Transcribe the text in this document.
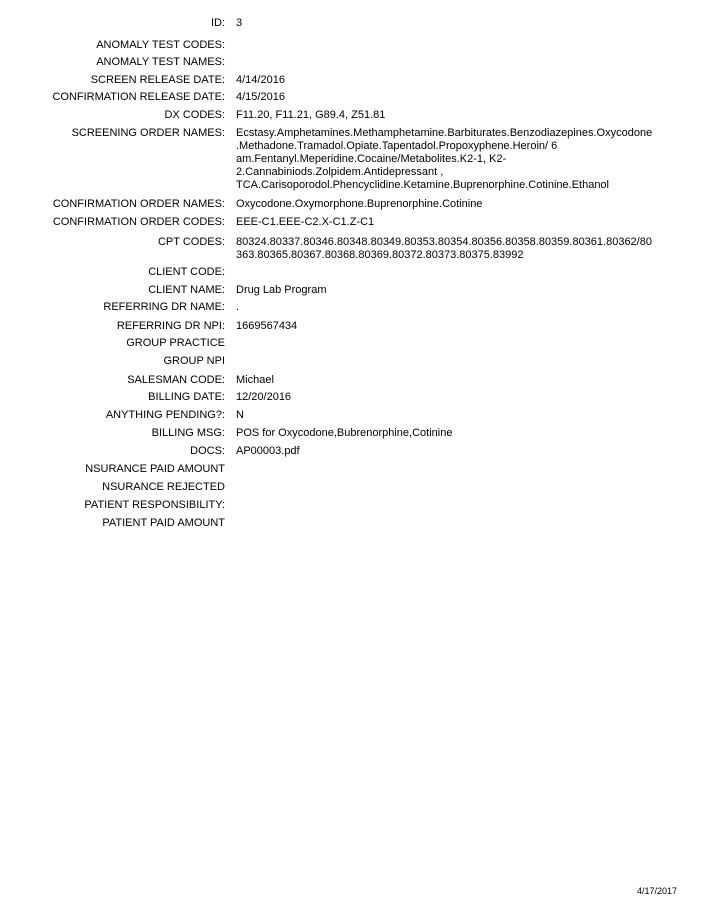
ID: 3
ANOMALY TEST CODES:
ANOMALY TEST NAMES:
SCREEN RELEASE DATE: 4/14/2016
CONFIRMATION RELEASE DATE: 4/15/2016
DX CODES: F11.20, F11.21, G89.4, Z51.81
SCREENING ORDER NAMES: Ecstasy.Amphetamines.Methamphetamine.Barbiturates.Benzodiazepines.Oxycodone
.Methadone.Tramadol.Opiate.Tapentadol.Propoxyphene.Heroin/ 6
am.Fentanyl.Meperidine.Cocaine/Metabolites.K2-1, K2-
2.Cannabiniods.Zolpidem.Antidepressant ,
TCA.Carisoporodol.Phencyclidine.Ketamine.Buprenorphine.Cotinine.Ethanol
CONFIRMATION ORDER NAMES: Oxycodone.Oxymorphone.Buprenorphine.Cotinine
CONFIRMATION ORDER CODES: EEE-C1.EEE-C2.X-C1.Z-C1
CPT CODES: 80324.80337.80346.80348.80349.80353.80354.80356.80358.80359.80361.80362/80
363.80365.80367.80368.80369.80372.80373.80375.83992
CLIENT CODE:
CLIENT NAME: Drug Lab Program
REFERRING DR NAME: .
REFERRING DR NPI: 1669567434
GROUP PRACTICE
GROUP NPI
SALESMAN CODE: Michael
BILLING DATE: 12/20/2016
ANYTHING PENDING?: N
BILLING MSG: POS for Oxycodone,Bubrenorphine,Cotinine
DOCS: AP00003.pdf
NSURANCE PAID AMOUNT
NSURANCE REJECTED
PATIENT RESPONSIBILITY:
PATIENT PAID AMOUNT
4/17/2017
